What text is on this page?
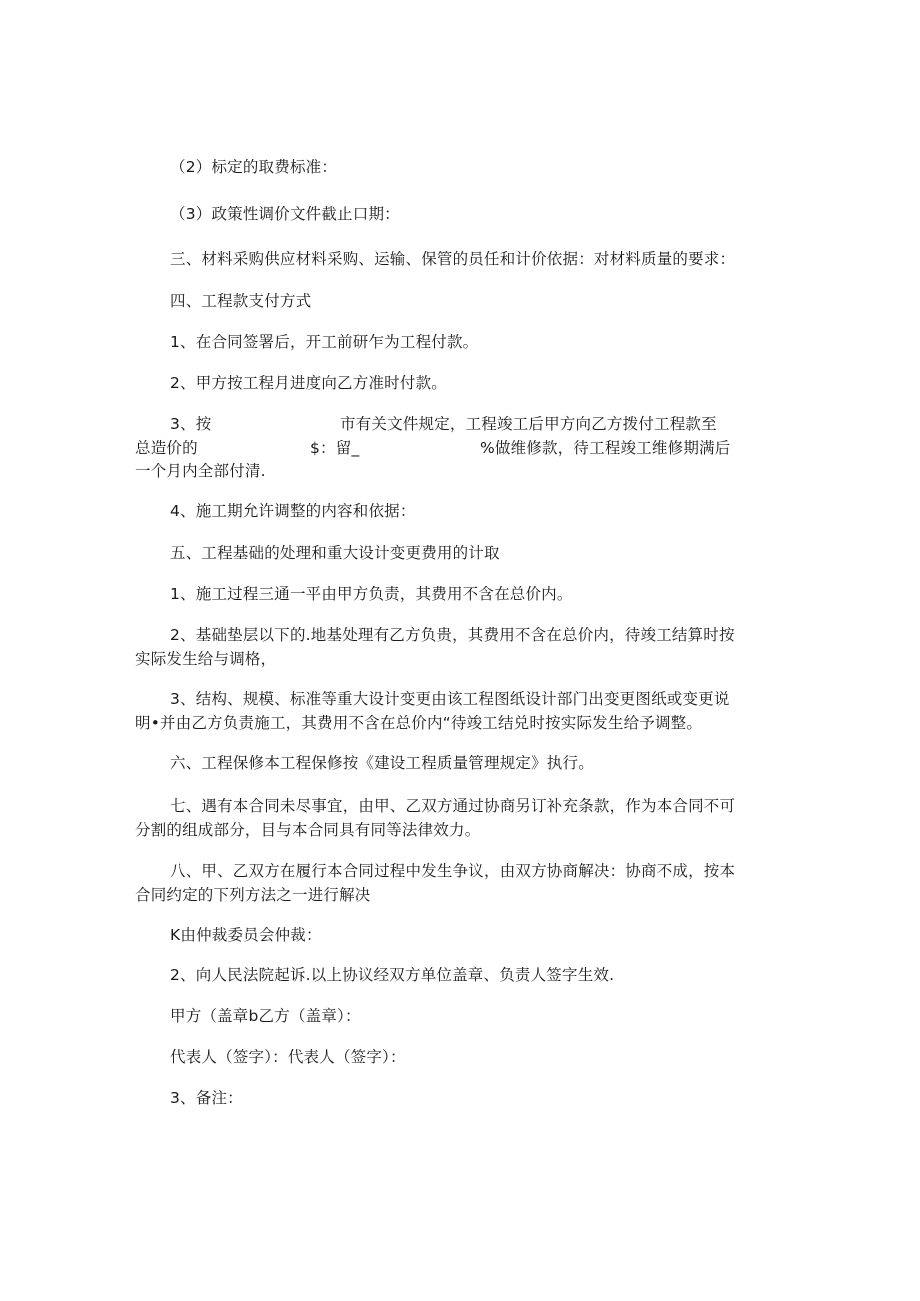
（2）标定的取费标准：
（3）政策性调价文件截止口期：
三、材料采购供应材料采购、运输、保管的员任和计价依据：对材料质量的要求：
四、工程款支付方式
1、在合同签署后，开工前研乍为工程付款。
2、甲方按工程月进度向乙方准时付款。
3、按	市有关文件规定，工程竣工后甲方向乙方拨付工程款至
总造价的	$：留_	%做维修款，待工程竣工维修期满后
一个月内全部付清.
4、施工期允许调整的内容和依据：
五、工程基础的处理和重大设计变更费用的计取
1、施工过程三通一平由甲方负责，其费用不含在总价内。
2、基础垫层以下的.地基处理有乙方负贵，其费用不含在总价内，待竣工结算时按
实际发生给与调格，
3、结构、规模、标准等重大设计变更由该工程图纸设计部门出变更图纸或变更说
明•并由乙方负责施工，其费用不含在总价内“待竣工结兑时按实际发生给予调整。
六、工程保修本工程保修按《建设工程质量管理规定》执行。
七、遇有本合同未尽事宜，由甲、乙双方通过协商另订补充条款，作为本合同不可
分割的组成部分，目与本合同具有同等法律效力。
八、甲、乙双方在履行本合同过程中发生争议，由双方协商解决：协商不成，按本
合同约定的下列方法之一进行解决
K由仲裁委员会仲裁：
2、向人民法院起诉.以上协议经双方单位盖章、负责人签字生效.
甲方（盖章b乙方（盖章）：
代表人（签字）：代表人（签字）：
3、备注：
